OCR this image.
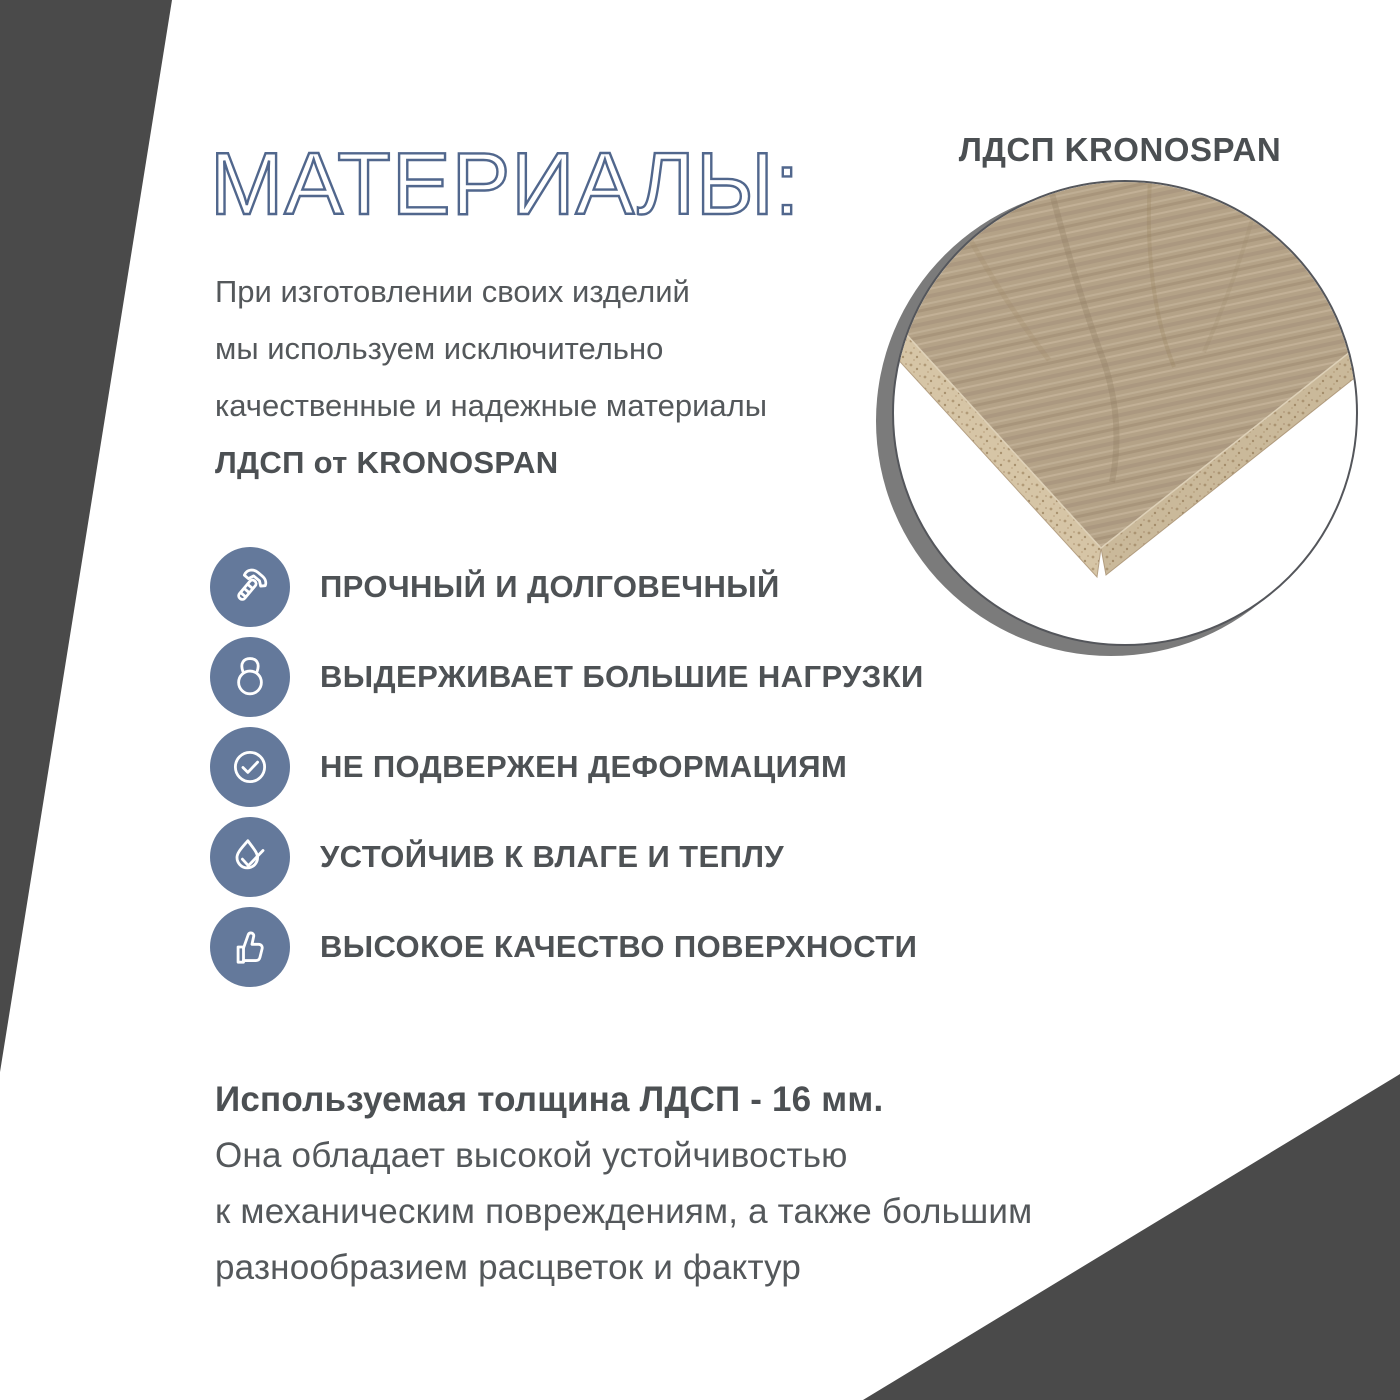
МАТЕРИАЛЫ:
При изготовлении своих изделий
мы используем исключительно
качественные и надежные материалы
ЛДСП от KRONOSPAN
ЛДСП KRONOSPAN
ПРОЧНЫЙ И ДОЛГОВЕЧНЫЙ
ВЫДЕРЖИВАЕТ БОЛЬШИЕ НАГРУЗКИ
НЕ ПОДВЕРЖЕН ДЕФОРМАЦИЯМ
УСТОЙЧИВ К ВЛАГЕ И ТЕПЛУ
ВЫСОКОЕ КАЧЕСТВО ПОВЕРХНОСТИ
Используемая толщина ЛДСП - 16 мм.
Она обладает высокой устойчивостью
к механическим повреждениям, а также большим
разнообразием расцветок и фактур
